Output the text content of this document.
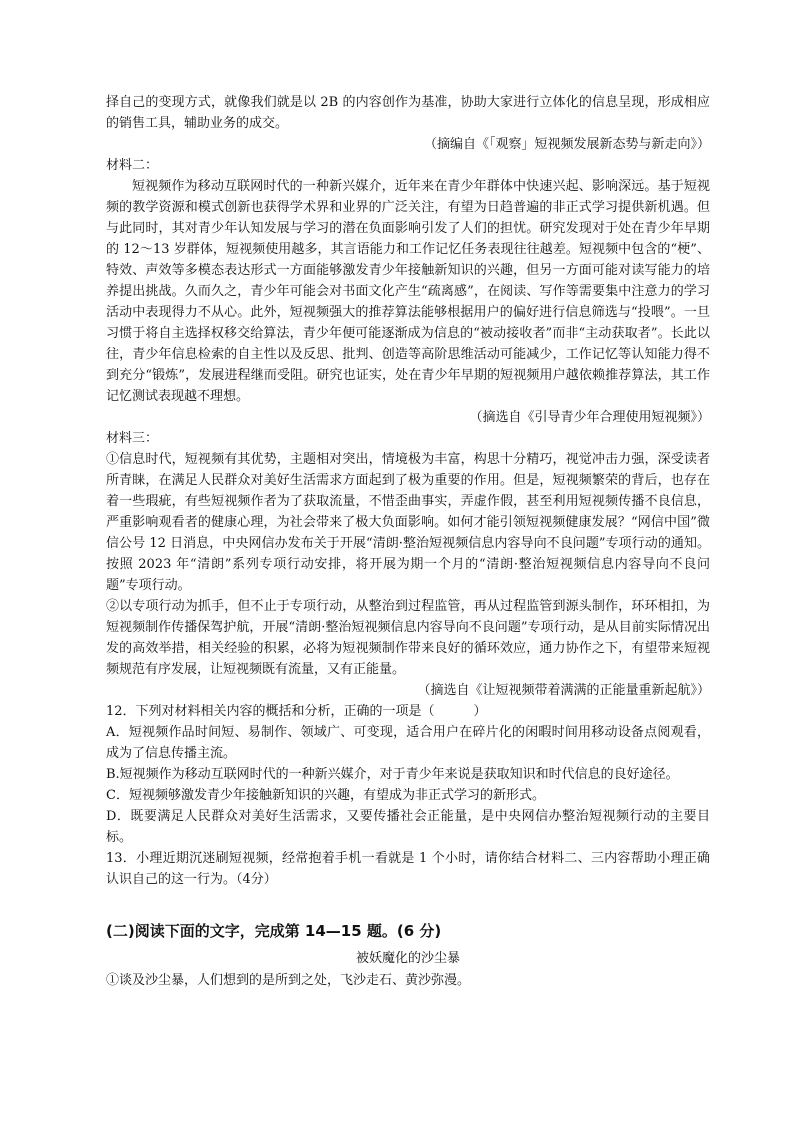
择自己的变现方式，就像我们就是以 2B 的内容创作为基准，协助大家进行立体化的信息呈现，形成相应的销售工具，辅助业务的成交。

（摘编自《「观察」短视频发展新态势与新走向》）
材料二：

短视频作为移动互联网时代的一种新兴媒介，近年来在青少年群体中快速兴起、影响深远。基于短视频的教学资源和模式创新也获得学术界和业界的广泛关注，有望为日趋普遍的非正式学习提供新机遇。但与此同时，其对青少年认知发展与学习的潜在负面影响引发了人们的担忧。研究发现对于处在青少年早期的 12～13 岁群体，短视频使用越多，其言语能力和工作记忆任务表现往往越差。短视频中包含的“梗”、特效、声效等多模态表达形式一方面能够激发青少年接触新知识的兴趣，但另一方面可能对读写能力的培养提出挑战。久而久之，青少年可能会对书面文化产生“疏离感”，在阅读、写作等需要集中注意力的学习活动中表现得力不从心。此外，短视频强大的推荐算法能够根据用户的偏好进行信息筛选与“投喂”。一旦习惯于将自主选择权移交给算法，青少年便可能逐渐成为信息的“被动接收者”而非“主动获取者”。长此以往，青少年信息检索的自主性以及反思、批判、创造等高阶思维活动可能减少，工作记忆等认知能力得不到充分“锻炼”，发展进程继而受阻。研究也证实，处在青少年早期的短视频用户越依赖推荐算法，其工作记忆测试表现越不理想。

（摘选自《引导青少年合理使用短视频》）
材料三：

①信息时代，短视频有其优势，主题相对突出，情境极为丰富，构思十分精巧，视觉冲击力强，深受读者所青睐，在满足人民群众对美好生活需求方面起到了极为重要的作用。但是，短视频繁荣的背后，也存在着一些瑕疵，有些短视频作者为了获取流量，不惜歪曲事实，弄虚作假，甚至利用短视频传播不良信息，严重影响观看者的健康心理，为社会带来了极大负面影响。如何才能引领短视频健康发展？“网信中国”微信公号 12 日消息，中央网信办发布关于开展“清朗·整治短视频信息内容导向不良问题”专项行动的通知。按照 2023 年“清朗”系列专项行动安排，将开展为期一个月的“清朗·整治短视频信息内容导向不良问题”专项行动。

②以专项行动为抓手，但不止于专项行动，从整治到过程监管，再从过程监管到源头制作，环环相扣，为短视频制作传播保驾护航，开展“清朗·整治短视频信息内容导向不良问题”专项行动，是从目前实际情况出发的高效举措，相关经验的积累，必将为短视频制作带来良好的循环效应，通力协作之下，有望带来短视频规范有序发展，让短视频既有流量，又有正能量。

（摘选自《让短视频带着满满的正能量重新起航》）
12．下列对材料相关内容的概括和分析，正确的一项是（　　　）

A．短视频作品时间短、易制作、领域广、可变现，适合用户在碎片化的闲暇时间用移动设备点阅观看，成为了信息传播主流。

B.短视频作为移动互联网时代的一种新兴媒介，对于青少年来说是获取知识和时代信息的良好途径。

C．短视频够激发青少年接触新知识的兴趣，有望成为非正式学习的新形式。

D．既要满足人民群众对美好生活需求，又要传播社会正能量，是中央网信办整治短视频行动的主要目标。

13．小理近期沉迷刷短视频，经常抱着手机一看就是 1 个小时，请你结合材料二、三内容帮助小理正确认识自己的这一行为。（4分）

(二)阅读下面的文字，完成第 14—15 题。(6 分)
被妖魔化的沙尘暴

①谈及沙尘暴，人们想到的是所到之处，飞沙走石、黄沙弥漫。
